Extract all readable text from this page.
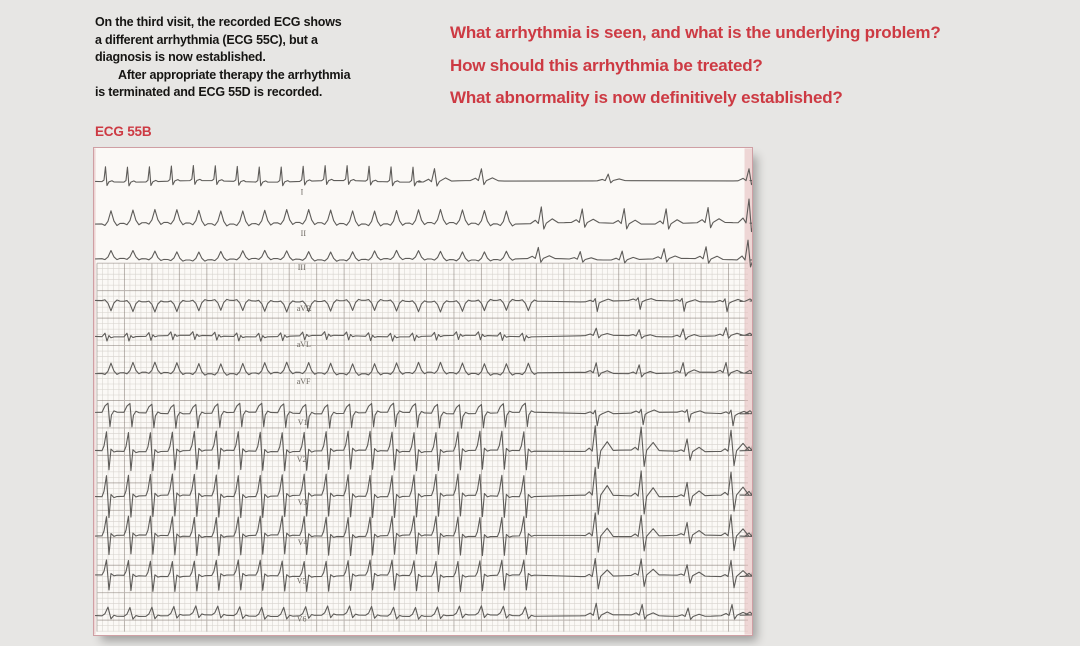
On the third visit, the recorded ECG shows
a different arrhythmia (ECG 55C), but a
diagnosis is now established.
After appropriate therapy the arrhythmia
is terminated and ECG 55D is recorded.
What arrhythmia is seen, and what is the underlying problem?
How should this arrhythmia be treated?
What abnormality is now definitively established?
ECG 55B
I
II
III
aVR
aVL
aVF
V1
V2
V3
V4
V5
V6
